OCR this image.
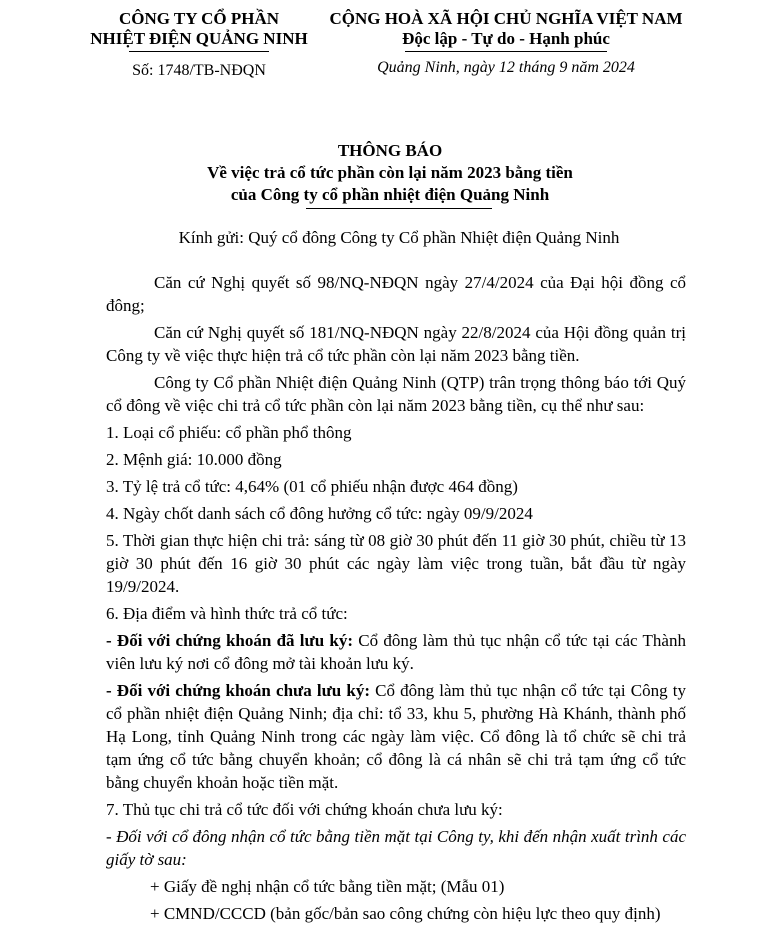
CÔNG TY CỔ PHẦN
NHIỆT ĐIỆN QUẢNG NINH
Số: 1748/TB-NĐQN
CỘNG HOÀ XÃ HỘI CHỦ NGHĨA VIỆT NAM
Độc lập - Tự do - Hạnh phúc
Quảng Ninh, ngày 12 tháng 9 năm 2024
THÔNG BÁO
Về việc trả cổ tức phần còn lại năm 2023 bằng tiền
của Công ty cổ phần nhiệt điện Quảng Ninh
Kính gửi: Quý cổ đông Công ty Cổ phần Nhiệt điện Quảng Ninh

Căn cứ Nghị quyết số 98/NQ-NĐQN ngày 27/4/2024 của Đại hội đồng cổ đông;

Căn cứ Nghị quyết số 181/NQ-NĐQN ngày 22/8/2024 của Hội đồng quản trị Công ty về việc thực hiện trả cổ tức phần còn lại năm 2023 bằng tiền.

Công ty Cổ phần Nhiệt điện Quảng Ninh (QTP) trân trọng thông báo tới Quý cổ đông về việc chi trả cổ tức phần còn lại năm 2023 bằng tiền, cụ thể như sau:

1. Loại cổ phiếu: cổ phần phổ thông

2. Mệnh giá: 10.000 đồng

3. Tỷ lệ trả cổ tức: 4,64% (01 cổ phiếu nhận được 464 đồng)

4. Ngày chốt danh sách cổ đông hưởng cổ tức: ngày 09/9/2024

5. Thời gian thực hiện chi trả: sáng từ 08 giờ 30 phút đến 11 giờ 30 phút, chiều từ 13 giờ 30 phút đến 16 giờ 30 phút các ngày làm việc trong tuần, bắt đầu từ ngày 19/9/2024.

6. Địa điểm và hình thức trả cổ tức:

- Đối với chứng khoán đã lưu ký: Cổ đông làm thủ tục nhận cổ tức tại các Thành viên lưu ký nơi cổ đông mở tài khoản lưu ký.

- Đối với chứng khoán chưa lưu ký: Cổ đông làm thủ tục nhận cổ tức tại Công ty cổ phần nhiệt điện Quảng Ninh; địa chỉ: tổ 33, khu 5, phường Hà Khánh, thành phố Hạ Long, tỉnh Quảng Ninh trong các ngày làm việc. Cổ đông là tổ chức sẽ chi trả tạm ứng cổ tức bằng chuyển khoản; cổ đông là cá nhân sẽ chi trả tạm ứng cổ tức bằng chuyển khoản hoặc tiền mặt.

7. Thủ tục chi trả cổ tức đối với chứng khoán chưa lưu ký:

- Đối với cổ đông nhận cổ tức bằng tiền mặt tại Công ty, khi đến nhận xuất trình các giấy tờ sau:

+ Giấy đề nghị nhận cổ tức bằng tiền mặt; (Mẫu 01)

+ CMND/CCCD (bản gốc/bản sao công chứng còn hiệu lực theo quy định)
